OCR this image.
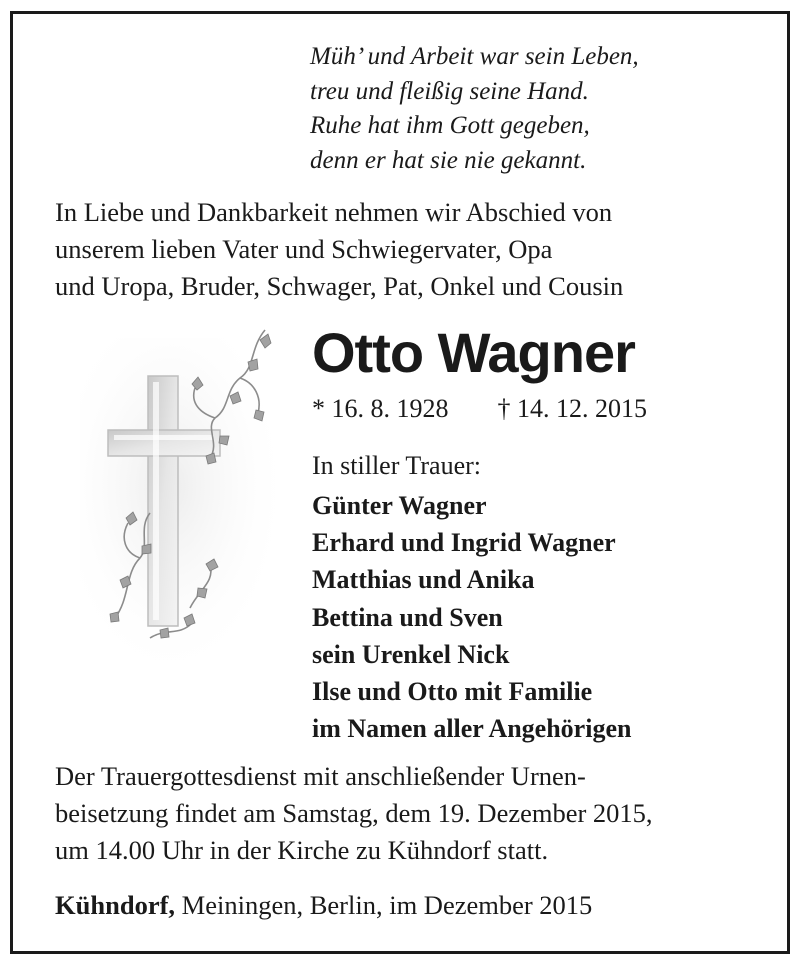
Müh’ und Arbeit war sein Leben,
treu und fleißig seine Hand.
Ruhe hat ihm Gott gegeben,
denn er hat sie nie gekannt.
In Liebe und Dankbarkeit nehmen wir Abschied von
unserem lieben Vater und Schwiegervater, Opa
und Uropa, Bruder, Schwager, Pat, Onkel und Cousin
Otto Wagner
* 16. 8. 1928 † 14. 12. 2015
In stiller Trauer:
Günter Wagner
Erhard und Ingrid Wagner
Matthias und Anika
Bettina und Sven
sein Urenkel Nick
Ilse und Otto mit Familie
im Namen aller Angehörigen
Der Trauergottesdienst mit anschließender Urnen-
beisetzung findet am Samstag, dem 19. Dezember 2015,
um 14.00 Uhr in der Kirche zu Kühndorf statt.
Kühndorf, Meiningen, Berlin, im Dezember 2015
